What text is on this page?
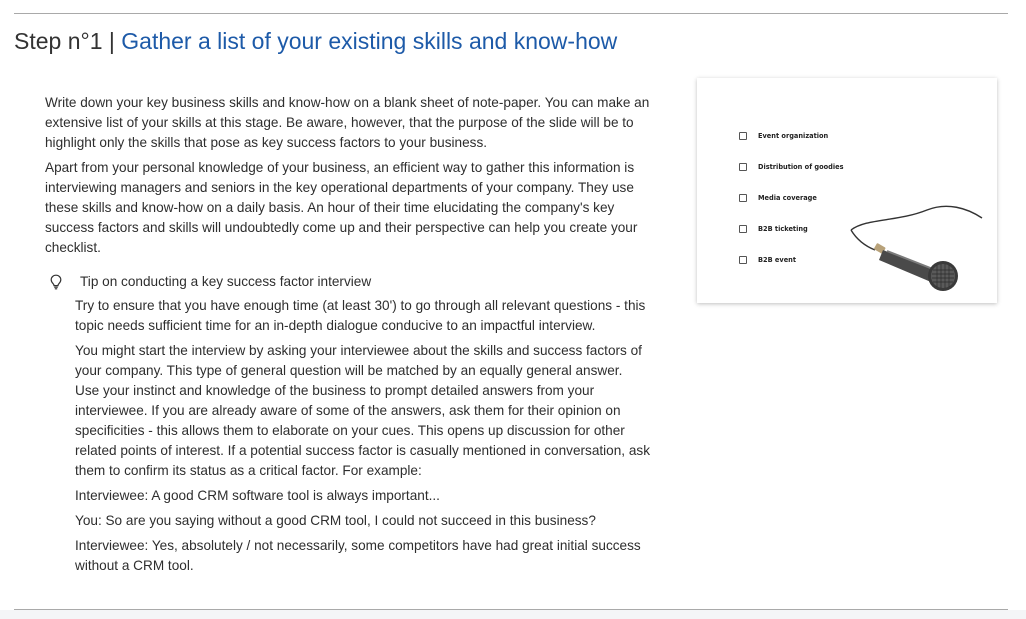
Step n°1 | Gather a list of your existing skills and know-how

Write down your key business skills and know-how on a blank sheet of note-paper. You can make an extensive list of your skills at this stage. Be aware, however, that the purpose of the slide will be to highlight only the skills that pose as key success factors to your business.

Apart from your personal knowledge of your business, an efficient way to gather this information is interviewing managers and seniors in the key operational departments of your company. They use these skills and know-how on a daily basis. An hour of their time elucidating the company's key success factors and skills will undoubtedly come up and their perspective can help you create your checklist.

Tip on conducting a key success factor interview

Try to ensure that you have enough time (at least 30') to go through all relevant questions - this topic needs sufficient time for an in-depth dialogue conducive to an impactful interview.

You might start the interview by asking your interviewee about the skills and success factors of your company. This type of general question will be matched by an equally general answer. Use your instinct and knowledge of the business to prompt detailed answers from your interviewee. If you are already aware of some of the answers, ask them for their opinion on specificities - this allows them to elaborate on your cues. This opens up discussion for other related points of interest. If a potential success factor is casually mentioned in conversation, ask them to confirm its status as a critical factor. For example:

Interviewee: A good CRM software tool is always important...

You: So are you saying without a good CRM tool, I could not succeed in this business?

Interviewee: Yes, absolutely / not necessarily, some competitors have had great initial success without a CRM tool.

Event organization
Distribution of goodies
Media coverage
B2B ticketing
B2B event
